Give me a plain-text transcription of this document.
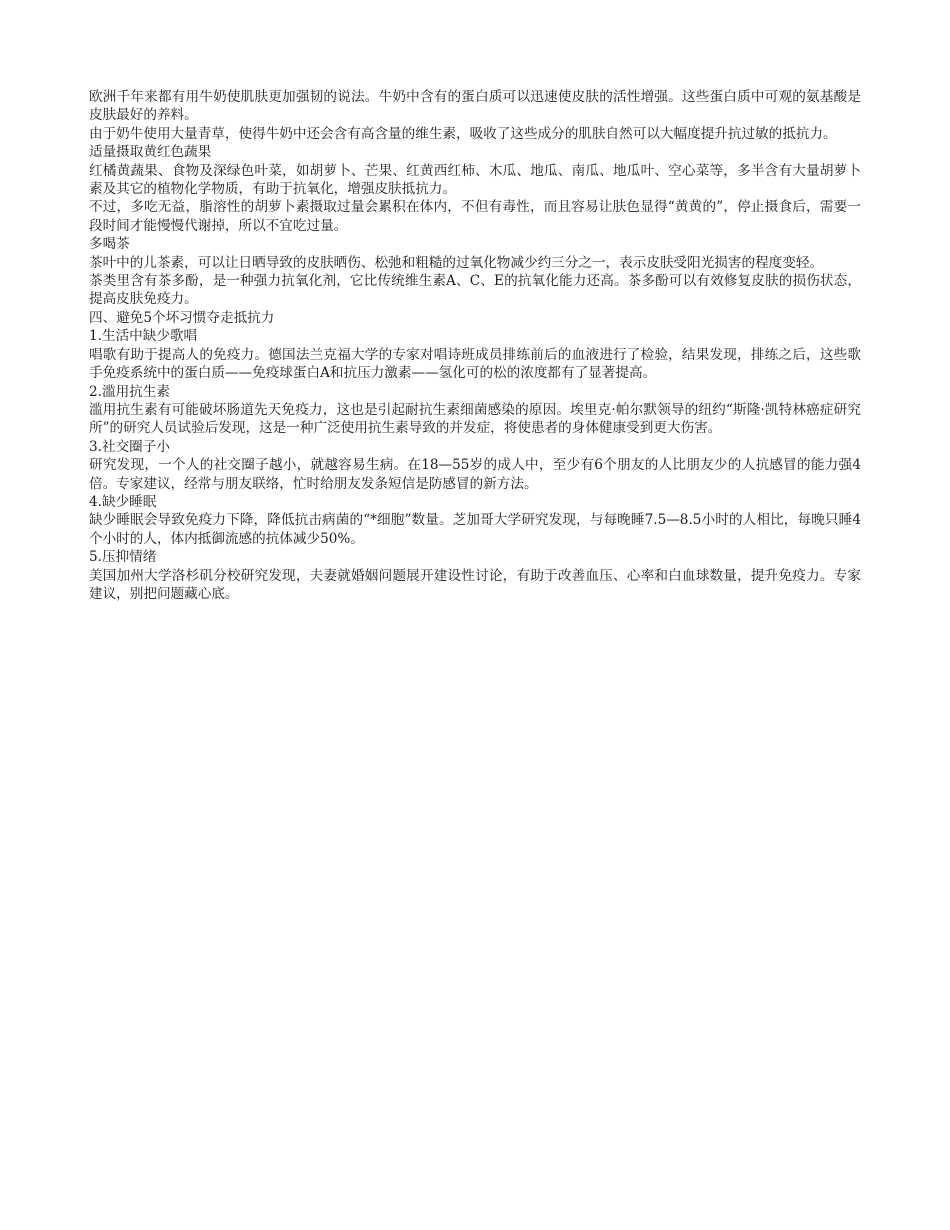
欧洲千年来都有用牛奶使肌肤更加强韧的说法。牛奶中含有的蛋白质可以迅速使皮肤的活性增强。这些蛋白质中可观的氨基酸是皮肤最好的养料。

由于奶牛使用大量青草，使得牛奶中还会含有高含量的维生素，吸收了这些成分的肌肤自然可以大幅度提升抗过敏的抵抗力。

适量摄取黄红色蔬果

红橘黄蔬果、食物及深绿色叶菜，如胡萝卜、芒果、红黄西红柿、木瓜、地瓜、南瓜、地瓜叶、空心菜等，多半含有大量胡萝卜素及其它的植物化学物质，有助于抗氧化，增强皮肤抵抗力。

不过，多吃无益，脂溶性的胡萝卜素摄取过量会累积在体内，不但有毒性，而且容易让肤色显得“黄黄的”，停止摄食后，需要一段时间才能慢慢代谢掉，所以不宜吃过量。

多喝茶

茶叶中的儿茶素，可以让日晒导致的皮肤晒伤、松弛和粗糙的过氧化物减少约三分之一，表示皮肤受阳光损害的程度变轻。

茶类里含有茶多酚，是一种强力抗氧化剂，它比传统维生素A、C、E的抗氧化能力还高。茶多酚可以有效修复皮肤的损伤状态，提高皮肤免疫力。

四、避免5个坏习惯夺走抵抗力

1.生活中缺少歌唱

唱歌有助于提高人的免疫力。德国法兰克福大学的专家对唱诗班成员排练前后的血液进行了检验，结果发现，排练之后，这些歌手免疫系统中的蛋白质——免疫球蛋白A和抗压力激素——氢化可的松的浓度都有了显著提高。

2.滥用抗生素

滥用抗生素有可能破坏肠道先天免疫力，这也是引起耐抗生素细菌感染的原因。埃里克·帕尔默领导的纽约“斯隆·凯特林癌症研究所”的研究人员试验后发现，这是一种广泛使用抗生素导致的并发症，将使患者的身体健康受到更大伤害。

3.社交圈子小

研究发现，一个人的社交圈子越小，就越容易生病。在18—55岁的成人中，至少有6个朋友的人比朋友少的人抗感冒的能力强4倍。专家建议，经常与朋友联络，忙时给朋友发条短信是防感冒的新方法。

4.缺少睡眠

缺少睡眠会导致免疫力下降，降低抗击病菌的“*细胞”数量。芝加哥大学研究发现，与每晚睡7.5—8.5小时的人相比，每晚只睡4个小时的人，体内抵御流感的抗体减少50%。

5.压抑情绪

美国加州大学洛杉矶分校研究发现，夫妻就婚姻问题展开建设性讨论，有助于改善血压、心率和白血球数量，提升免疫力。专家建议，别把问题藏心底。
